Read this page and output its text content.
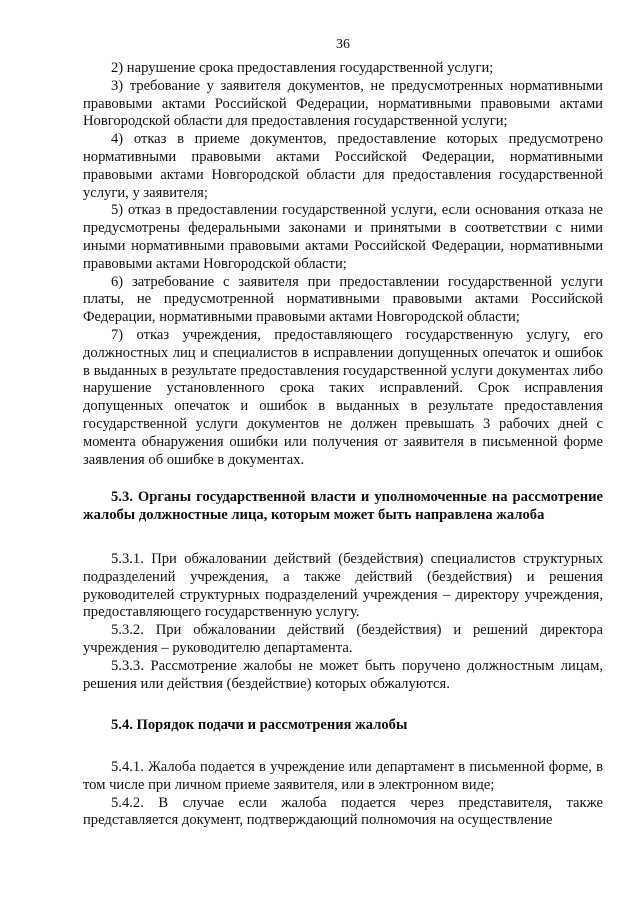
36

2) нарушение срока предоставления государственной услуги;

3) требование у заявителя документов, не предусмотренных нормативными правовыми актами Российской Федерации, нормативными правовыми актами Новгородской области для предоставления государственной услуги;

4) отказ в приеме документов, предоставление которых предусмотрено нормативными правовыми актами Российской Федерации, нормативными правовыми актами Новгородской области для предоставления государственной услуги, у заявителя;

5) отказ в предоставлении государственной услуги, если основания отказа не предусмотрены федеральными законами и принятыми в соответствии с ними иными нормативными правовыми актами Российской Федерации, нормативными правовыми актами Новгородской области;

6) затребование с заявителя при предоставлении государственной услуги платы, не предусмотренной нормативными правовыми актами Российской Федерации, нормативными правовыми актами Новгородской области;

7) отказ учреждения, предоставляющего государственную услугу, его должностных лиц и специалистов в исправлении допущенных опечаток и ошибок в выданных в результате предоставления государственной услуги документах либо нарушение установленного срока таких исправлений. Срок исправления допущенных опечаток и ошибок в выданных в результате предоставления государственной услуги документов не должен превышать 3 рабочих дней с момента обнаружения ошибки или получения от заявителя в письменной форме заявления об ошибке в документах.

5.3. Органы государственной власти и уполномоченные на рассмотрение жалобы должностные лица, которым может быть направлена жалоба

5.3.1. При обжаловании действий (бездействия) специалистов структурных подразделений учреждения, а также действий (бездействия) и решения руководителей структурных подразделений учреждения – директору учреждения, предоставляющего государственную услугу.

5.3.2. При обжаловании действий (бездействия) и решений директора учреждения – руководителю департамента.

5.3.3. Рассмотрение жалобы не может быть поручено должностным лицам, решения или действия (бездействие) которых обжалуются.

5.4. Порядок подачи и рассмотрения жалобы

5.4.1. Жалоба подается в учреждение или департамент в письменной форме, в том числе при личном приеме заявителя, или в электронном виде;

5.4.2. В случае если жалоба подается через представителя, также представляется документ, подтверждающий полномочия на осуществление
